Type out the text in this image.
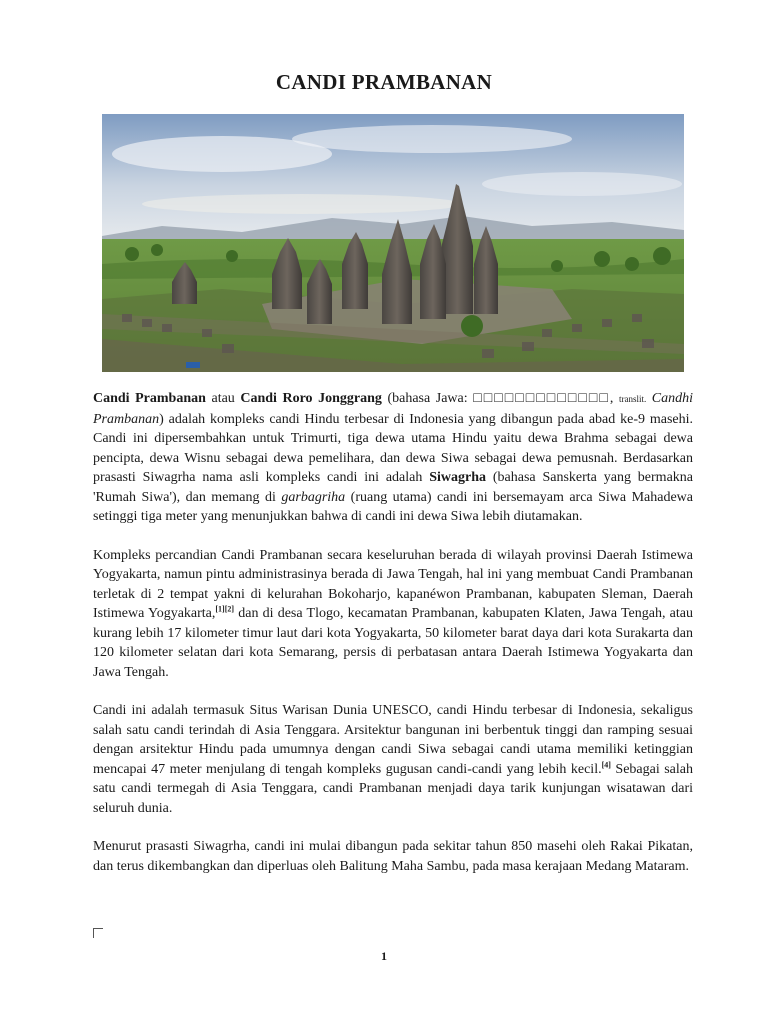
CANDI PRAMBANAN

Candi Prambanan atau Candi Roro Jonggrang (bahasa Jawa: □□□□□□□□□□□□□, translit. Candhi Prambanan) adalah kompleks candi Hindu terbesar di Indonesia yang dibangun pada abad ke-9 masehi. Candi ini dipersembahkan untuk Trimurti, tiga dewa utama Hindu yaitu dewa Brahma sebagai dewa pencipta, dewa Wisnu sebagai dewa pemelihara, dan dewa Siwa sebagai dewa pemusnah. Berdasarkan prasasti Siwagrha nama asli kompleks candi ini adalah Siwagrha (bahasa Sanskerta yang bermakna 'Rumah Siwa'), dan memang di garbagriha (ruang utama) candi ini bersemayam arca Siwa Mahadewa setinggi tiga meter yang menunjukkan bahwa di candi ini dewa Siwa lebih diutamakan.

Kompleks percandian Candi Prambanan secara keseluruhan berada di wilayah provinsi Daerah Istimewa Yogyakarta, namun pintu administrasinya berada di Jawa Tengah, hal ini yang membuat Candi Prambanan terletak di 2 tempat yakni di kelurahan Bokoharjo, kapanéwon Prambanan, kabupaten Sleman, Daerah Istimewa Yogyakarta,[1][2] dan di desa Tlogo, kecamatan Prambanan, kabupaten Klaten, Jawa Tengah, atau kurang lebih 17 kilometer timur laut dari kota Yogyakarta, 50 kilometer barat daya dari kota Surakarta dan 120 kilometer selatan dari kota Semarang, persis di perbatasan antara Daerah Istimewa Yogyakarta dan Jawa Tengah.

Candi ini adalah termasuk Situs Warisan Dunia UNESCO, candi Hindu terbesar di Indonesia, sekaligus salah satu candi terindah di Asia Tenggara. Arsitektur bangunan ini berbentuk tinggi dan ramping sesuai dengan arsitektur Hindu pada umumnya dengan candi Siwa sebagai candi utama memiliki ketinggian mencapai 47 meter menjulang di tengah kompleks gugusan candi-candi yang lebih kecil.[4] Sebagai salah satu candi termegah di Asia Tenggara, candi Prambanan menjadi daya tarik kunjungan wisatawan dari seluruh dunia.

Menurut prasasti Siwagrha, candi ini mulai dibangun pada sekitar tahun 850 masehi oleh Rakai Pikatan, dan terus dikembangkan dan diperluas oleh Balitung Maha Sambu, pada masa kerajaan Medang Mataram.

1
